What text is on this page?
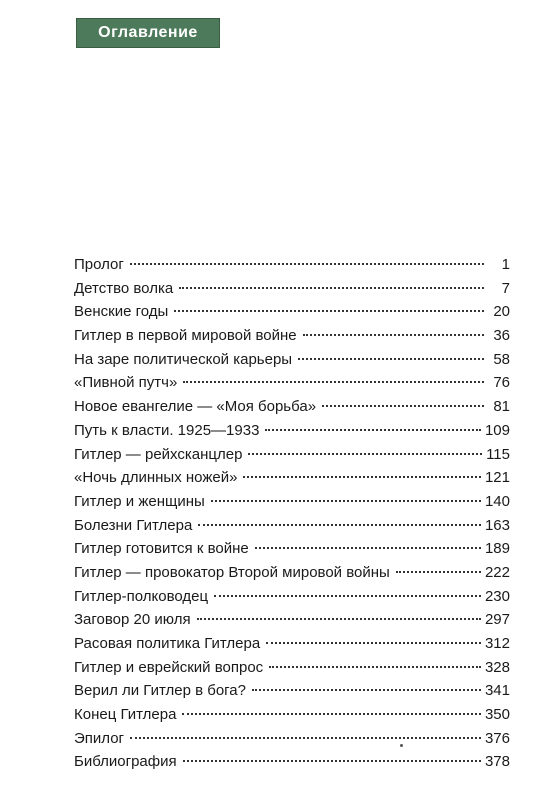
Оглавление
Пролог	1
Детство волка	7
Венские годы	20
Гитлер в первой мировой войне	36
На заре политической карьеры	58
«Пивной путч»	76
Новое евангелие — «Моя борьба»	81
Путь к власти. 1925—1933	109
Гитлер — рейхсканцлер	115
«Ночь длинных ножей»	121
Гитлер и женщины	140
Болезни Гитлера	163
Гитлер готовится к войне	189
Гитлер — провокатор Второй мировой войны	222
Гитлер-полководец	230
Заговор 20 июля	297
Расовая политика Гитлера	312
Гитлер и еврейский вопрос	328
Верил ли Гитлер в бога?	341
Конец Гитлера	350
Эпилог	376
Библиография	378
